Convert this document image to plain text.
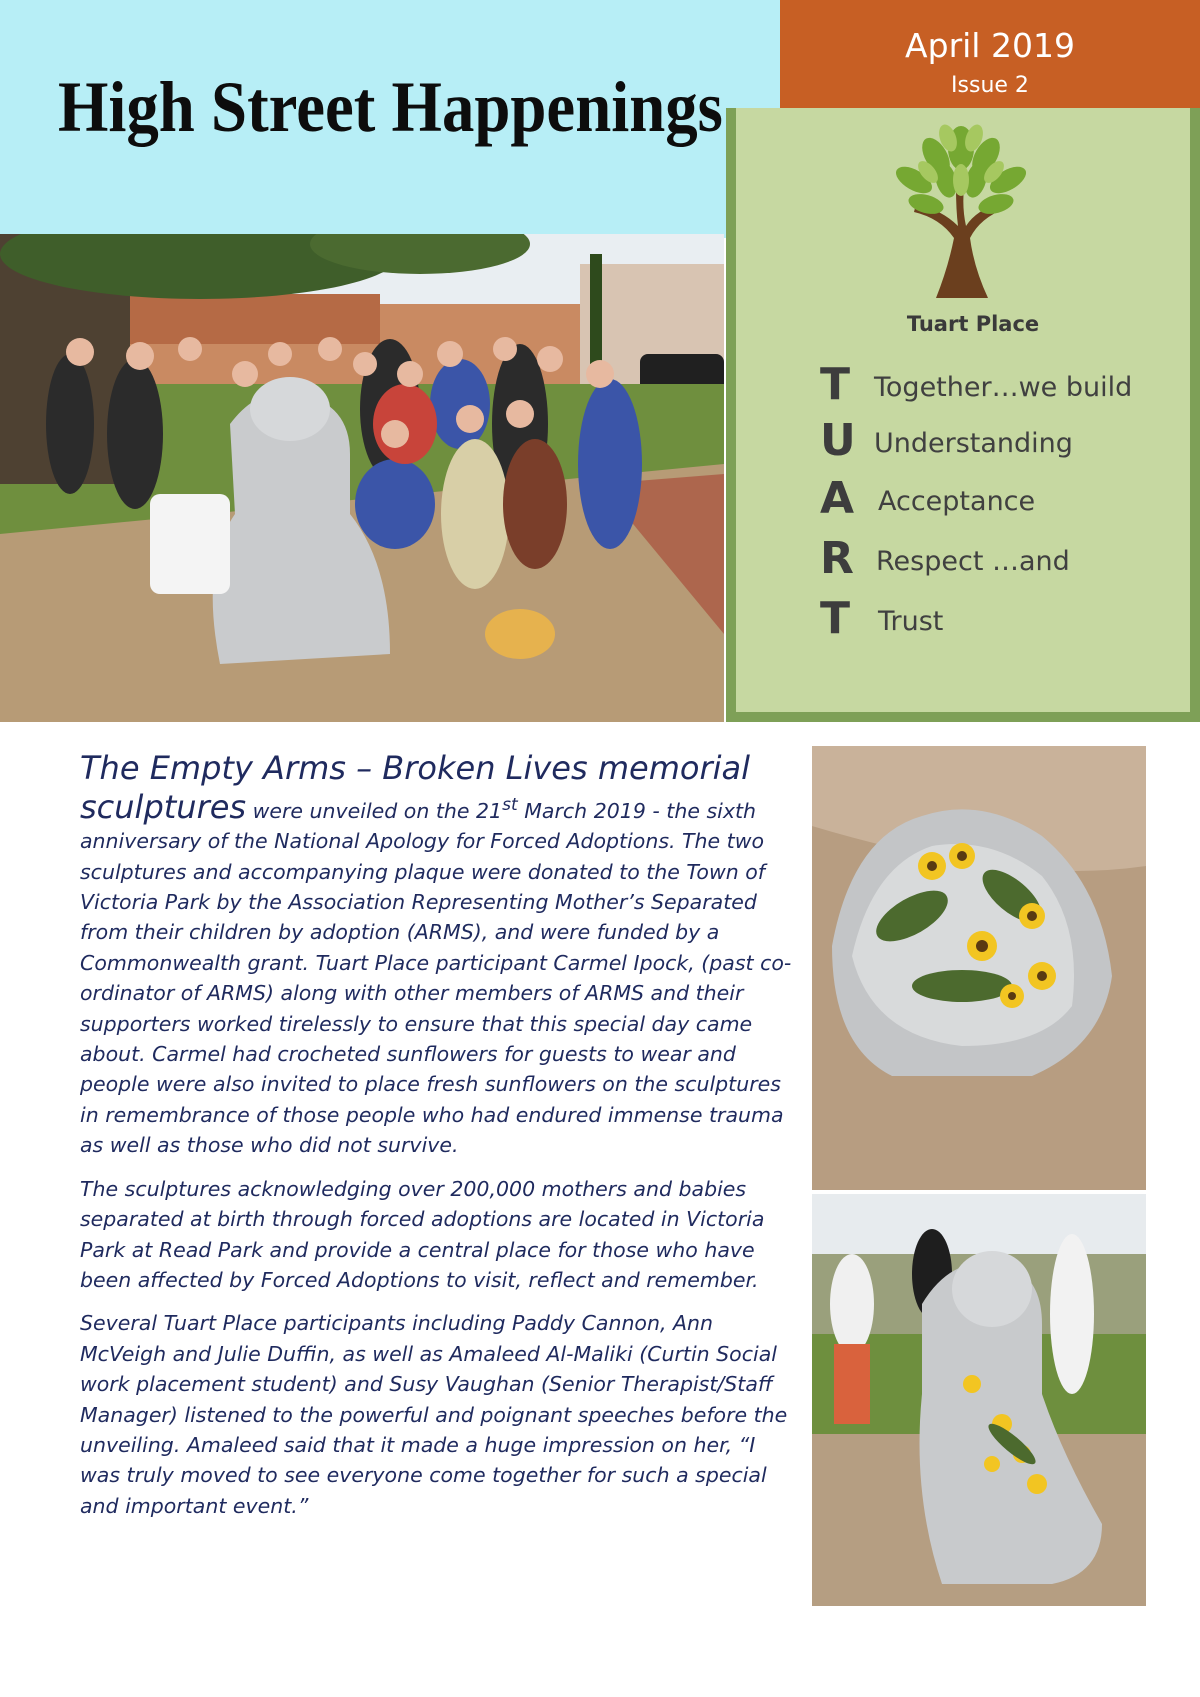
High Street Happenings
April 2019
Issue 2
Tuart Place
T Together…we build
U Understanding
A Acceptance
R Respect …and
T	Trust
The Empty Arms – Broken Lives memorial

sculptures were unveiled on the 21st March 2019 - the sixth anniversary of the National Apology for Forced Adoptions. The two sculptures and accompanying plaque were donated to the Town of Victoria Park by the Association Representing Mother’s Separated from their children by adoption (ARMS), and were funded by a Commonwealth grant. Tuart Place participant Carmel Ipock, (past co-ordinator of ARMS) along with other members of ARMS and their supporters worked tirelessly to ensure that this special day came about. Carmel had crocheted sunflowers for guests to wear and people were also invited to place fresh sunflowers on the sculptures in remembrance of those people who had endured immense trauma as well as those who did not survive.

The sculptures acknowledging over 200,000 mothers and babies separated at birth through forced adoptions are located in Victoria Park at Read Park and provide a central place for those who have been affected by Forced Adoptions to visit, reflect and remember.

Several Tuart Place participants including Paddy Cannon, Ann McVeigh and Julie Duffin, as well as Amaleed Al-Maliki (Curtin Social work placement student) and Susy Vaughan (Senior Therapist/Staff Manager) listened to the powerful and poignant speeches before the unveiling. Amaleed said that it made a huge impression on her, “I was truly moved to see everyone come together for such a special and important event.”
